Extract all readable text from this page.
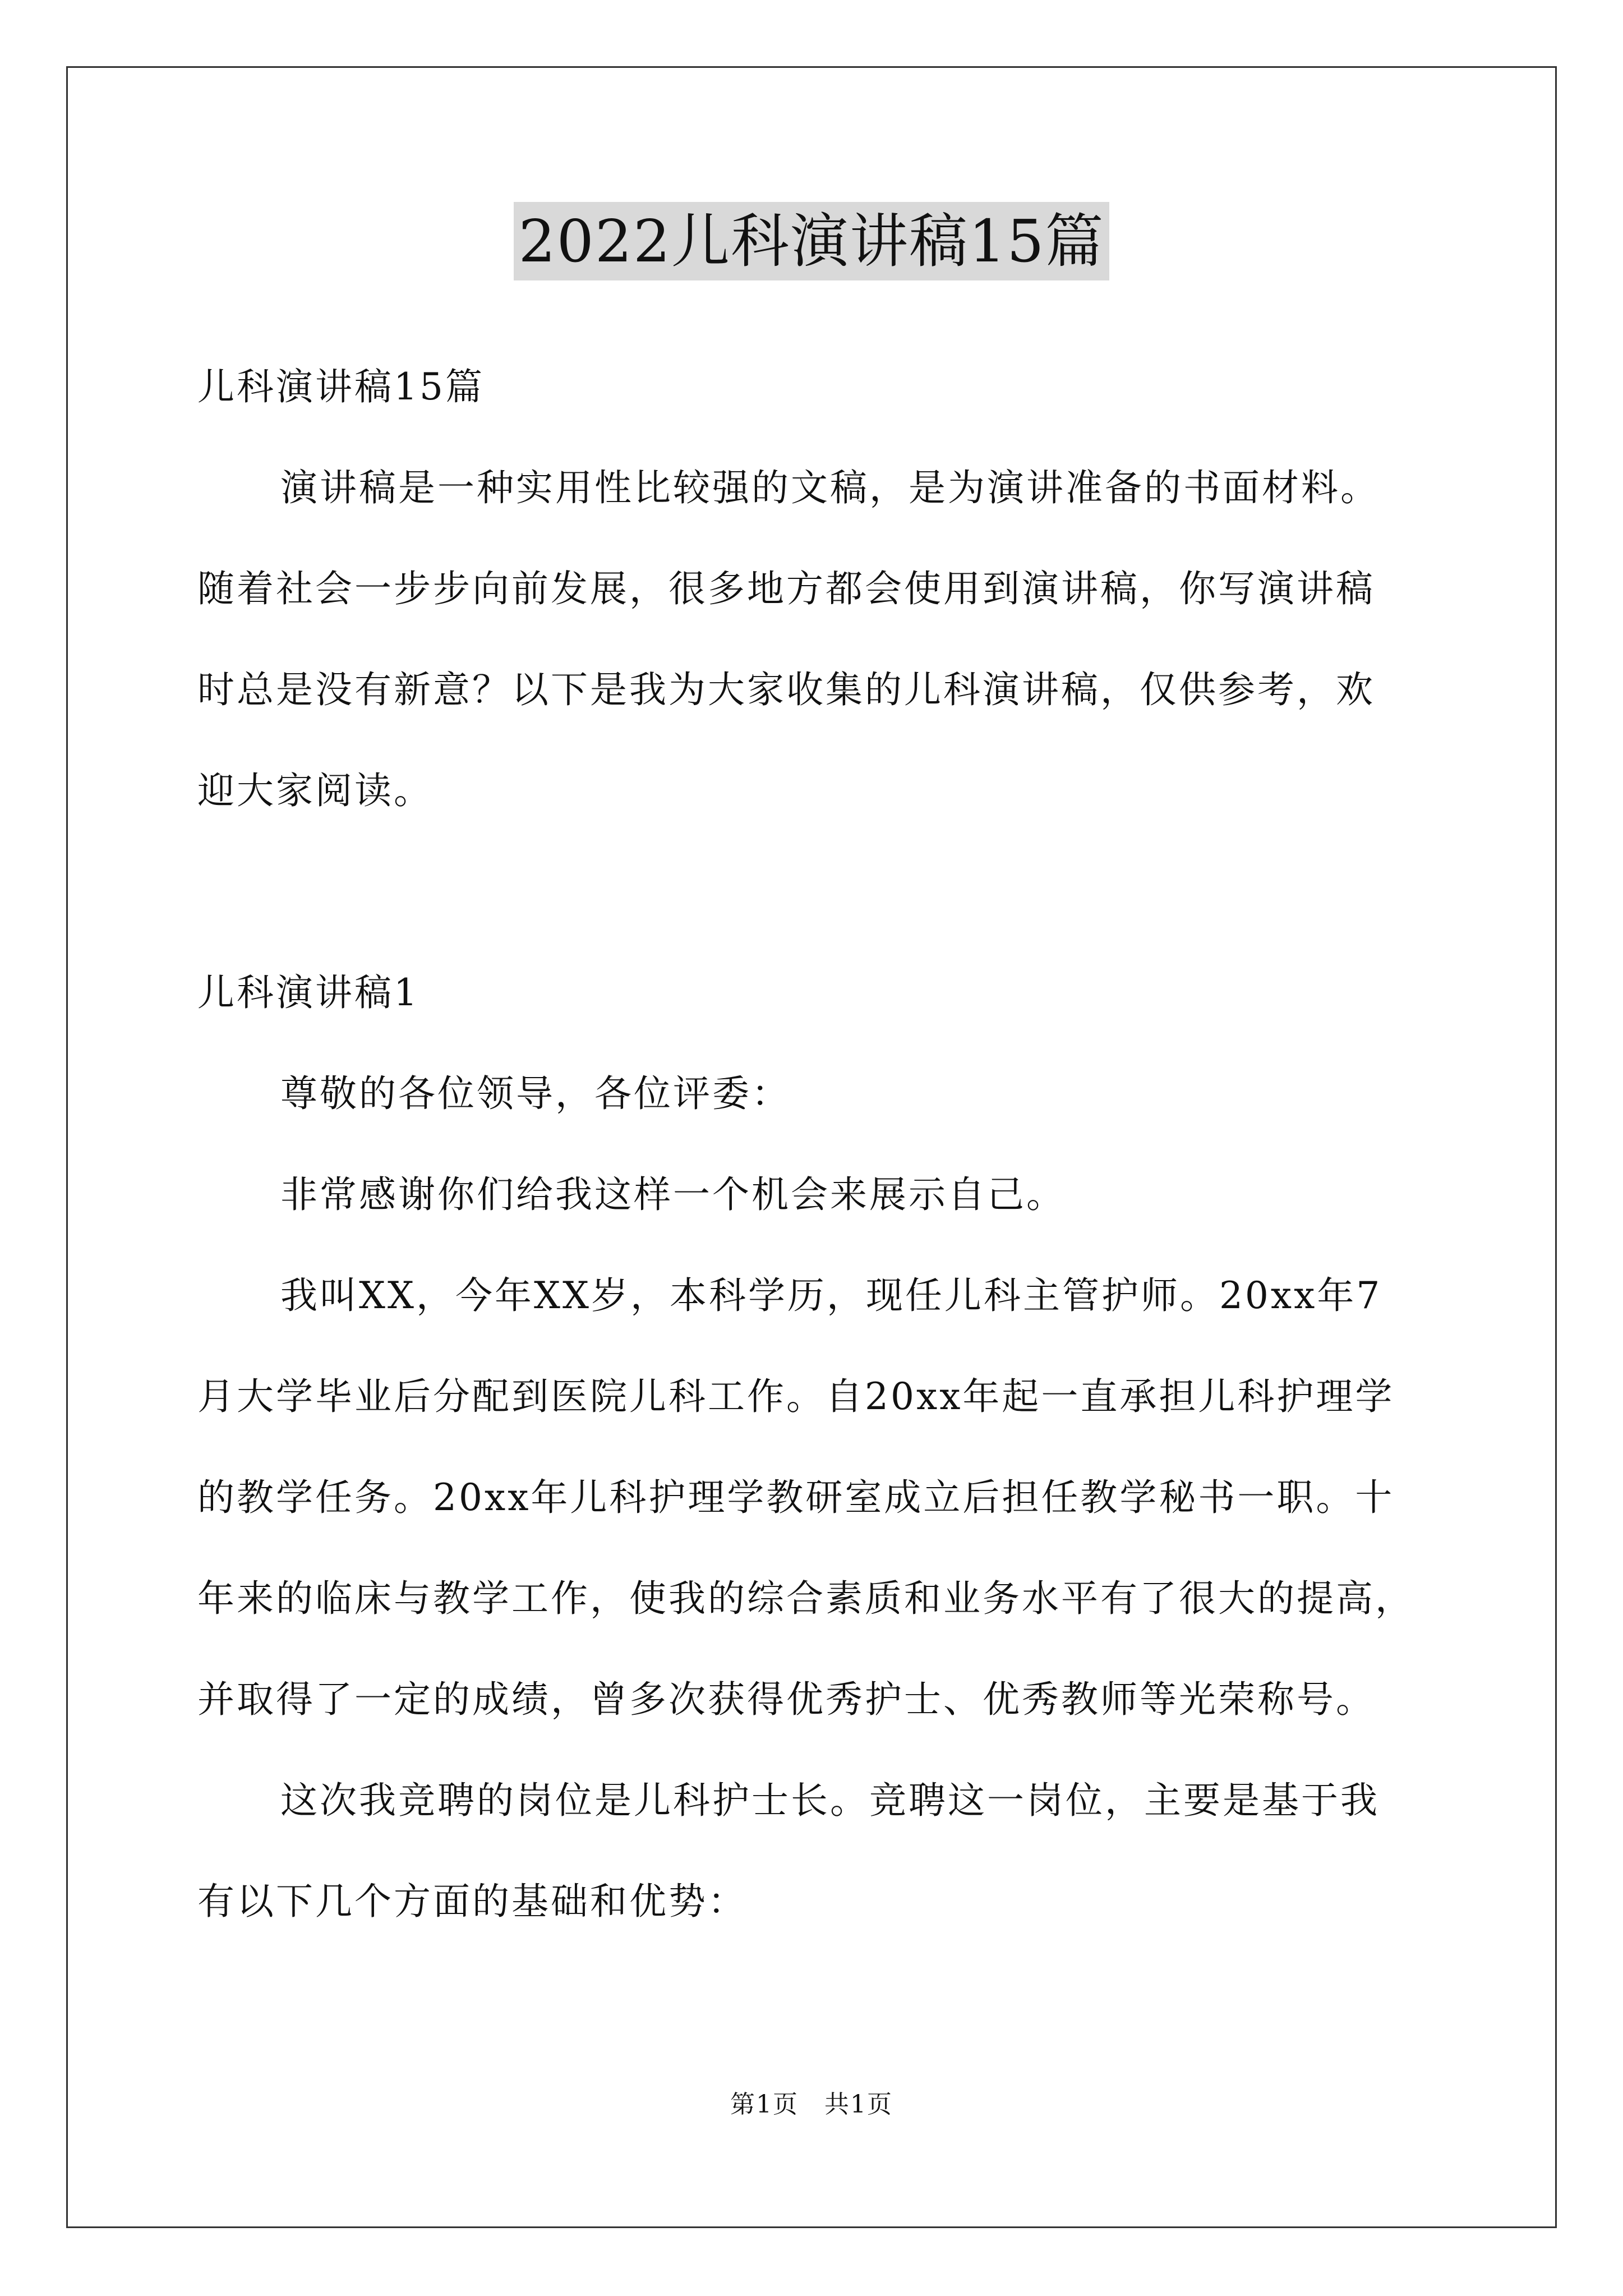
2022儿科演讲稿15篇
儿科演讲稿15篇
演讲稿是一种实用性比较强的文稿，是为演讲准备的书面材料。
随着社会一步步向前发展，很多地方都会使用到演讲稿，你写演讲稿
时总是没有新意？以下是我为大家收集的儿科演讲稿，仅供参考，欢
迎大家阅读。
儿科演讲稿1
尊敬的各位领导，各位评委：
非常感谢你们给我这样一个机会来展示自己。
我叫XX，今年XX岁，本科学历，现任儿科主管护师。20xx年7
月大学毕业后分配到医院儿科工作。自20xx年起一直承担儿科护理学
的教学任务。20xx年儿科护理学教研室成立后担任教学秘书一职。十
年来的临床与教学工作，使我的综合素质和业务水平有了很大的提高，
并取得了一定的成绩，曾多次获得优秀护士、优秀教师等光荣称号。
这次我竞聘的岗位是儿科护士长。竞聘这一岗位，主要是基于我
有以下几个方面的基础和优势：
第1页　共1页
